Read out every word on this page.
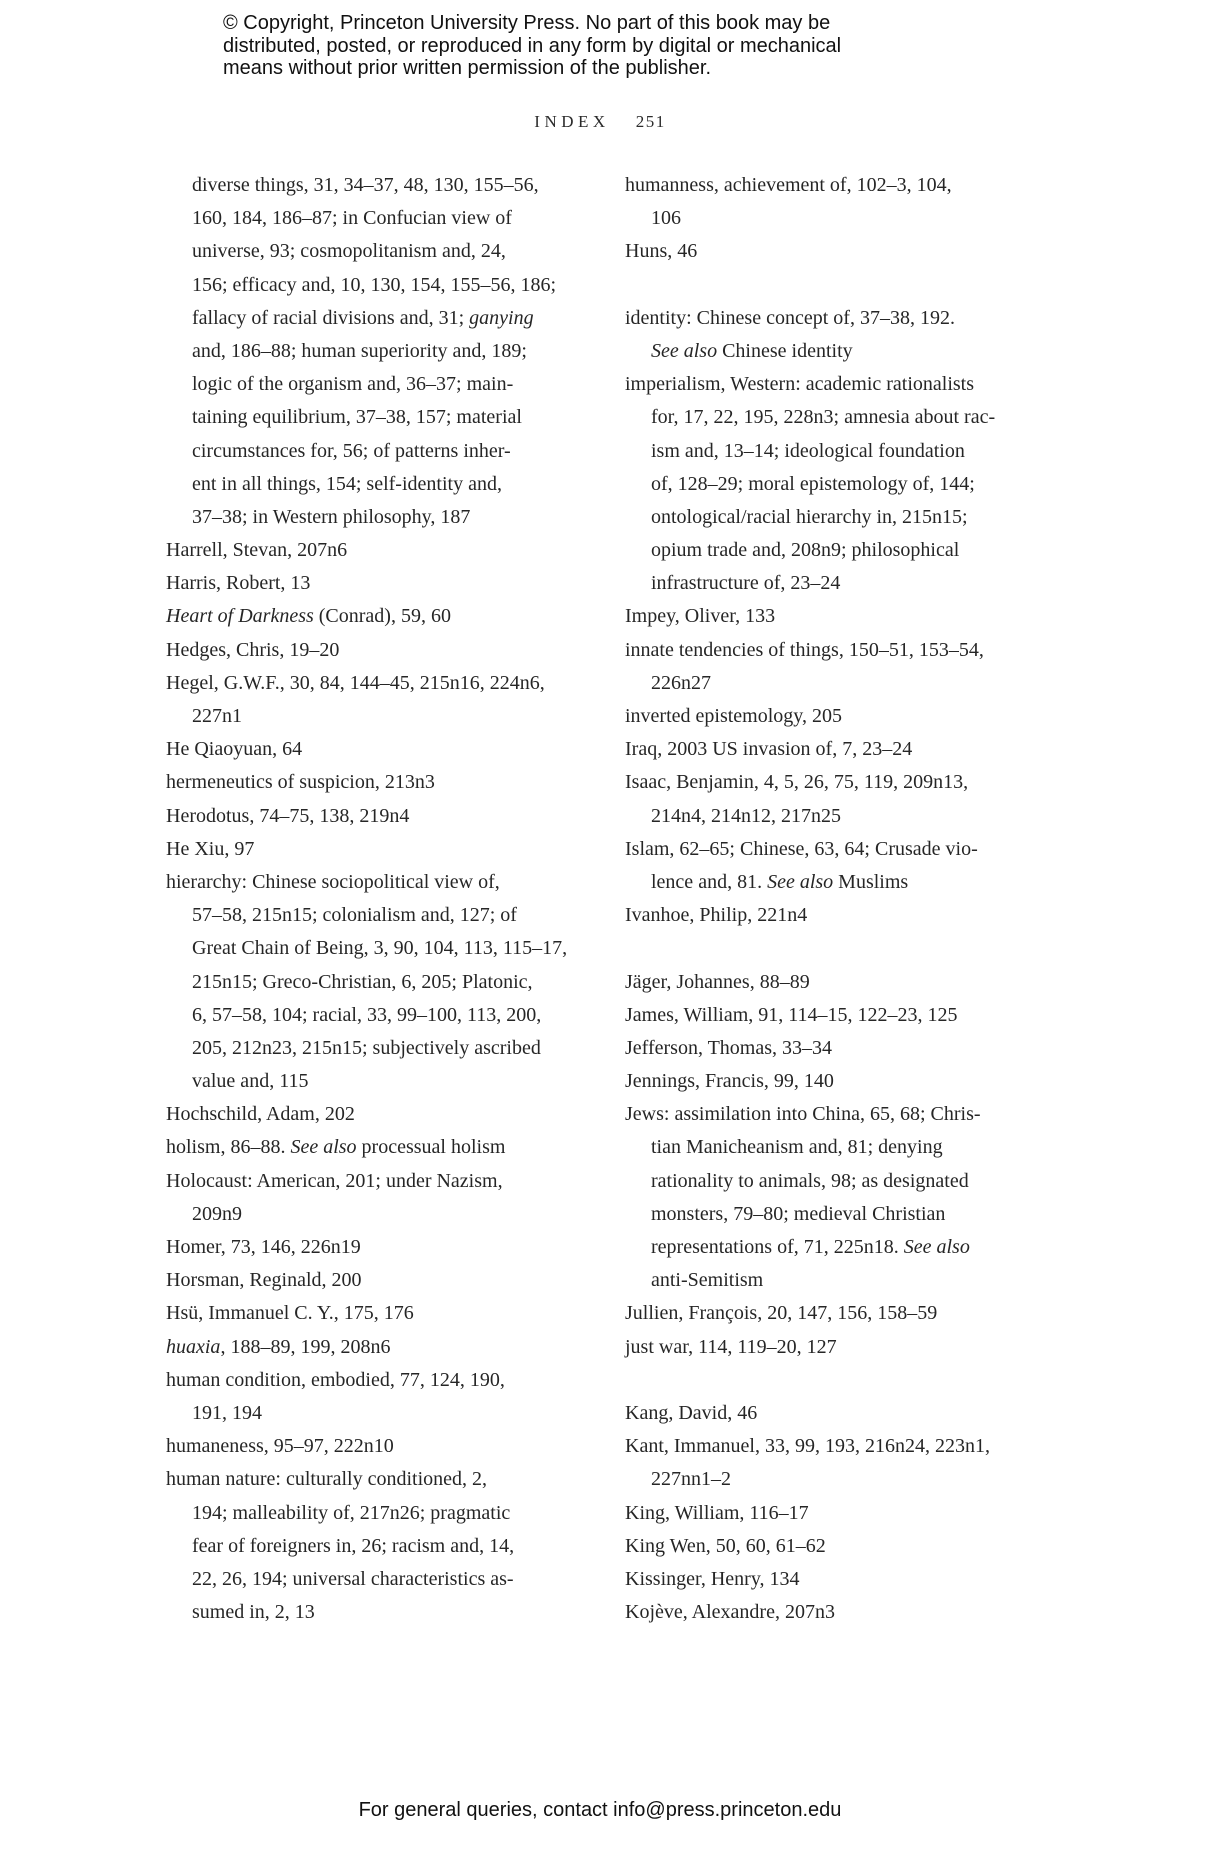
© Copyright, Princeton University Press. No part of this book may be
distributed, posted, or reproduced in any form by digital or mechanical
means without prior written permission of the publisher.
INDEX 251
diverse things, 31, 34–37, 48, 130, 155–56,
160, 184, 186–87; in Confucian view of
universe, 93; cosmopolitanism and, 24,
156; efficacy and, 10, 130, 154, 155–56, 186;
fallacy of racial divisions and, 31; ganying
and, 186–88; human superiority and, 189;
logic of the organism and, 36–37; main-
taining equilibrium, 37–38, 157; material
circumstances for, 56; of patterns inher-
ent in all things, 154; self-identity and,
37–38; in Western philosophy, 187
Harrell, Stevan, 207n6
Harris, Robert, 13
Heart of Darkness (Conrad), 59, 60
Hedges, Chris, 19–20
Hegel, G.W.F., 30, 84, 144–45, 215n16, 224n6,
227n1
He Qiaoyuan, 64
hermeneutics of suspicion, 213n3
Herodotus, 74–75, 138, 219n4
He Xiu, 97
hierarchy: Chinese sociopolitical view of,
57–58, 215n15; colonialism and, 127; of
Great Chain of Being, 3, 90, 104, 113, 115–17,
215n15; Greco-Christian, 6, 205; Platonic,
6, 57–58, 104; racial, 33, 99–100, 113, 200,
205, 212n23, 215n15; subjectively ascribed
value and, 115
Hochschild, Adam, 202
holism, 86–88. See also processual holism
Holocaust: American, 201; under Nazism,
209n9
Homer, 73, 146, 226n19
Horsman, Reginald, 200
Hsü, Immanuel C. Y., 175, 176
huaxia, 188–89, 199, 208n6
human condition, embodied, 77, 124, 190,
191, 194
humaneness, 95–97, 222n10
human nature: culturally conditioned, 2,
194; malleability of, 217n26; pragmatic
fear of foreigners in, 26; racism and, 14,
22, 26, 194; universal characteristics as-
sumed in, 2, 13
humanness, achievement of, 102–3, 104,
106
Huns, 46

identity: Chinese concept of, 37–38, 192.
See also Chinese identity
imperialism, Western: academic rationalists
for, 17, 22, 195, 228n3; amnesia about rac-
ism and, 13–14; ideological foundation
of, 128–29; moral epistemology of, 144;
ontological/racial hierarchy in, 215n15;
opium trade and, 208n9; philosophical
infrastructure of, 23–24
Impey, Oliver, 133
innate tendencies of things, 150–51, 153–54,
226n27
inverted epistemology, 205
Iraq, 2003 US invasion of, 7, 23–24
Isaac, Benjamin, 4, 5, 26, 75, 119, 209n13,
214n4, 214n12, 217n25
Islam, 62–65; Chinese, 63, 64; Crusade vio-
lence and, 81. See also Muslims
Ivanhoe, Philip, 221n4

Jäger, Johannes, 88–89
James, William, 91, 114–15, 122–23, 125
Jefferson, Thomas, 33–34
Jennings, Francis, 99, 140
Jews: assimilation into China, 65, 68; Chris-
tian Manicheanism and, 81; denying
rationality to animals, 98; as designated
monsters, 79–80; medieval Christian
representations of, 71, 225n18. See also
anti-Semitism
Jullien, François, 20, 147, 156, 158–59
just war, 114, 119–20, 127

Kang, David, 46
Kant, Immanuel, 33, 99, 193, 216n24, 223n1,
227nn1–2
King, William, 116–17
King Wen, 50, 60, 61–62
Kissinger, Henry, 134
Kojève, Alexandre, 207n3
For general queries, contact info@press.princeton.edu
